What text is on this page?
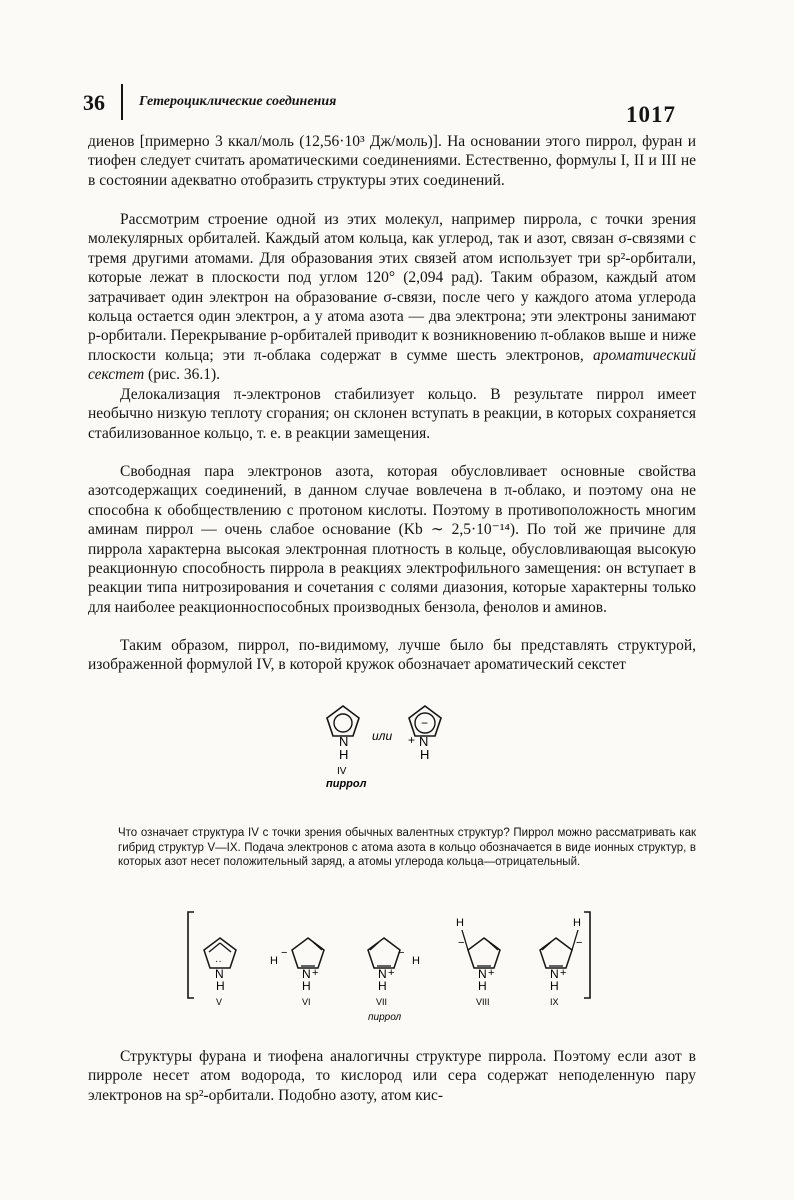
36 Гетероциклические соединения
1017

диенов [примерно 3 ккал/моль (12,56·10³ Дж/моль)]. На основании этого пиррол, фуран и тиофен следует считать ароматическими соединениями. Естественно, формулы I, II и III не в состоянии адекватно отобразить структуры этих соединений.

Рассмотрим строение одной из этих молекул, например пиррола, с точки зрения молекулярных орбиталей. Каждый атом кольца, как углерод, так и азот, связан σ-связями с тремя другими атомами. Для образования этих связей атом использует три sp²-орбитали, которые лежат в плоскости под углом 120° (2,094 рад). Таким образом, каждый атом затрачивает один электрон на образование σ-связи, после чего у каждого атома углерода кольца остается один электрон, а у атома азота — два электрона; эти электроны занимают p-орбитали. Перекрывание p-орбиталей приводит к возникновению π-облаков выше и ниже плоскости кольца; эти π-облака содержат в сумме шесть электронов, ароматический секстет (рис. 36.1).

Делокализация π-электронов стабилизует кольцо. В результате пиррол имеет необычно низкую теплоту сгорания; он склонен вступать в реакции, в которых сохраняется стабилизованное кольцо, т. е. в реакции замещения.

Свободная пара электронов азота, которая обусловливает основные свойства азотсодержащих соединений, в данном случае вовлечена в π-облако, и поэтому она не способна к обобществлению с протоном кислоты. Поэтому в противоположность многим аминам пиррол — очень слабое основание (Kb ∼ 2,5·10⁻¹⁴). По той же причине для пиррола характерна высокая электронная плотность в кольце, обусловливающая высокую реакционную способность пиррола в реакциях электрофильного замещения: он вступает в реакции типа нитрозирования и сочетания с солями диазония, которые характерны только для наиболее реакционноспособных производных бензола, фенолов и аминов.

Таким образом, пиррол, по-видимому, лучше было бы представлять структурой, изображенной формулой IV, в которой кружок обозначает ароматический секстет

N
H
или
−
+ N
H
IV
пиррол

Что означает структура IV с точки зрения обычных валентных структур? Пиррол можно рассматривать как гибрид структур V—IX. Подача электронов с атома азота в кольцо обозначается в виде ионных структур, в которых азот несет положительный заряд, а атомы углерода кольца—отрицательный.

··
N
H
H
−
N +
H
−
H
N +
H
H
−
N +
H
H
−
N +
H
V	VI	VII	VIII	IX
пиррол

Структуры фурана и тиофена аналогичны структуре пиррола. Поэтому если азот в пирроле несет атом водорода, то кислород или сера содержат неподеленную пару электронов на sp²-орбитали. Подобно азоту, атом кис-
